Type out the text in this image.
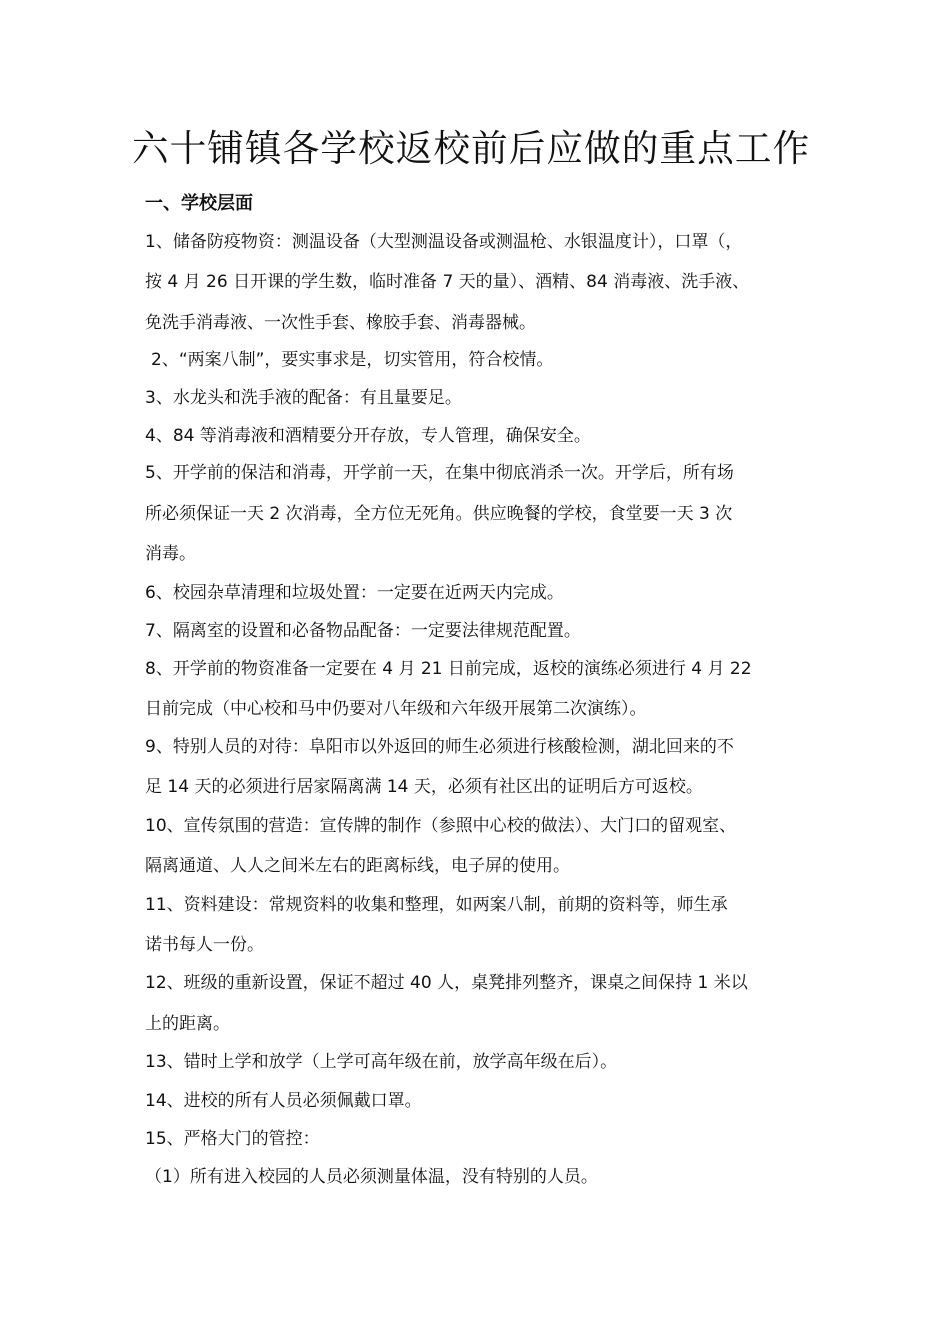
六十铺镇各学校返校前后应做的重点工作
一、学校层面
1、储备防疫物资：测温设备（大型测温设备或测温枪、水银温度计），口罩（，
按 4 月 26 日开课的学生数，临时准备 7 天的量）、酒精、84 消毒液、洗手液、
免洗手消毒液、一次性手套、橡胶手套、消毒器械。
2、“两案八制”，要实事求是，切实管用，符合校情。
3、水龙头和洗手液的配备：有且量要足。
4、84 等消毒液和酒精要分开存放，专人管理，确保安全。
5、开学前的保洁和消毒，开学前一天，在集中彻底消杀一次。开学后，所有场
所必须保证一天 2 次消毒，全方位无死角。供应晚餐的学校，食堂要一天 3 次
消毒。
6、校园杂草清理和垃圾处置：一定要在近两天内完成。
7、隔离室的设置和必备物品配备：一定要法律规范配置。
8、开学前的物资准备一定要在 4 月 21 日前完成，返校的演练必须进行 4 月 22
日前完成（中心校和马中仍要对八年级和六年级开展第二次演练）。
9、特别人员的对待：阜阳市以外返回的师生必须进行核酸检测，湖北回来的不
足 14 天的必须进行居家隔离满 14 天，必须有社区出的证明后方可返校。
10、宣传氛围的营造：宣传牌的制作（参照中心校的做法）、大门口的留观室、
隔离通道、人人之间米左右的距离标线，电子屏的使用。
11、资料建设：常规资料的收集和整理，如两案八制，前期的资料等，师生承
诺书每人一份。
12、班级的重新设置，保证不超过 40 人，桌凳排列整齐，课桌之间保持 1 米以
上的距离。
13、错时上学和放学（上学可高年级在前，放学高年级在后）。
14、进校的所有人员必须佩戴口罩。
15、严格大门的管控：
（1）所有进入校园的人员必须测量体温，没有特别的人员。
